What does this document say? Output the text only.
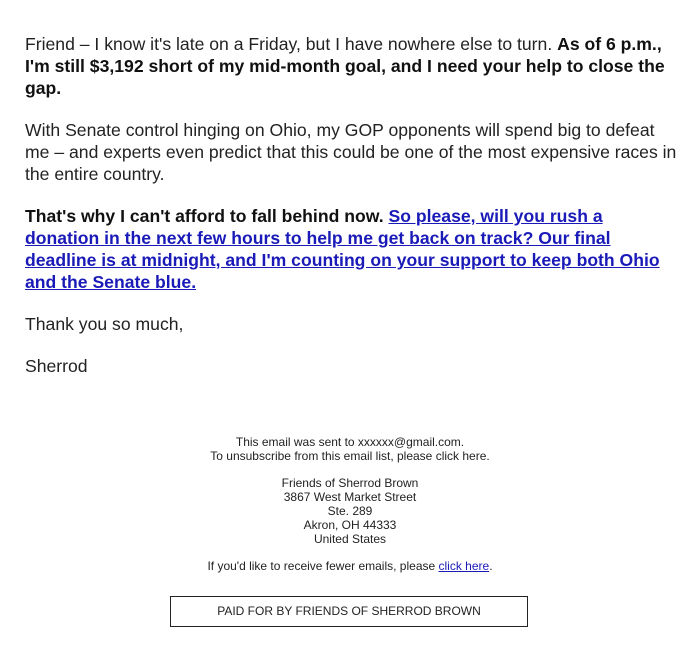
Friend – I know it's late on a Friday, but I have nowhere else to turn. As of 6 p.m., I'm still $3,192 short of my mid-month goal, and I need your help to close the gap.

With Senate control hinging on Ohio, my GOP opponents will spend big to defeat me – and experts even predict that this could be one of the most expensive races in the entire country.

That's why I can't afford to fall behind now. So please, will you rush a donation in the next few hours to help me get back on track? Our final deadline is at midnight, and I'm counting on your support to keep both Ohio and the Senate blue.

Thank you so much,

Sherrod

This email was sent to xxxxxx@gmail.com.
To unsubscribe from this email list, please click here.
Friends of Sherrod Brown
3867 West Market Street
Ste. 289
Akron, OH 44333
United States
If you'd like to receive fewer emails, please click here.
PAID FOR BY FRIENDS OF SHERROD BROWN
